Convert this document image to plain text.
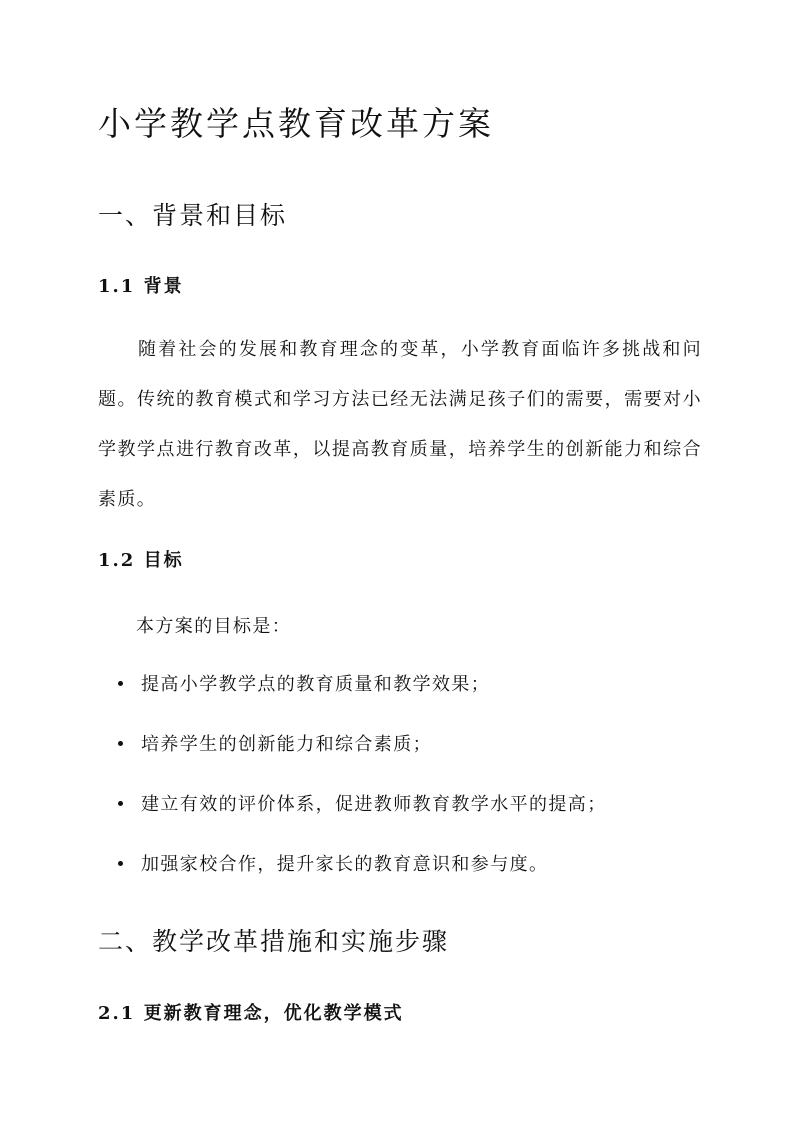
小学教学点教育改革方案
一、背景和目标
1.1 背景

随着社会的发展和教育理念的变革，小学教育面临许多挑战和问题。传统的教育模式和学习方法已经无法满足孩子们的需要，需要对小学教学点进行教育改革，以提高教育质量，培养学生的创新能力和综合素质。

1.2 目标

本方案的目标是：

提高小学教学点的教育质量和教学效果；
培养学生的创新能力和综合素质；
建立有效的评价体系，促进教师教育教学水平的提高；
加强家校合作，提升家长的教育意识和参与度。
二、教学改革措施和实施步骤
2.1 更新教育理念，优化教学模式
